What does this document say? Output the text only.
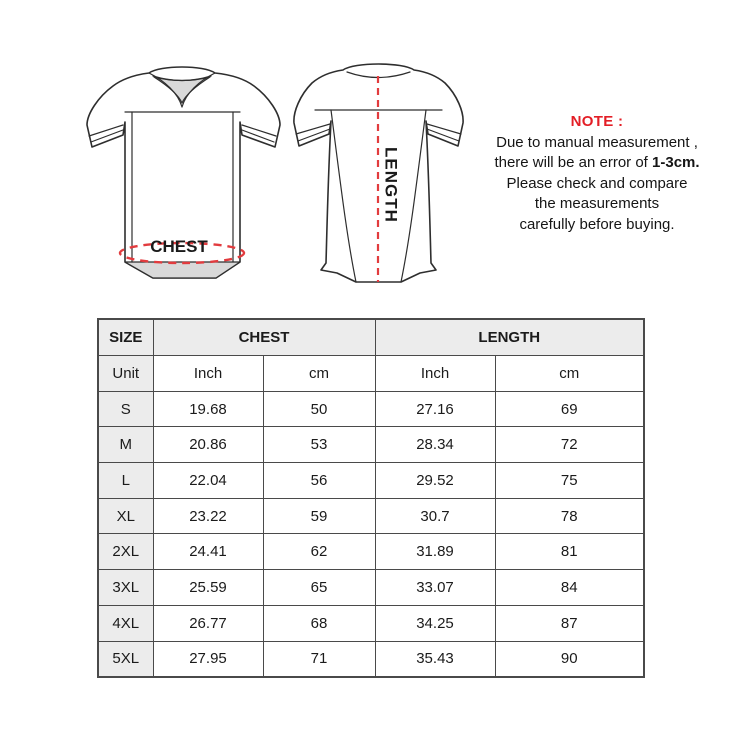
CHEST
LENGTH
NOTE :
Due to manual measurement ,
there will be an error of 1-3cm.
Please check and compare
the measurements
carefully before buying.
SIZE	CHEST		LENGTH	
Unit	Inch	cm	Inch	cm
S	19.68	50	27.16	69
M	20.86	53	28.34	72
L	22.04	56	29.52	75
XL	23.22	59	30.7	78
2XL	24.41	62	31.89	81
3XL	25.59	65	33.07	84
4XL	26.77	68	34.25	87
5XL	27.95	71	35.43	90
